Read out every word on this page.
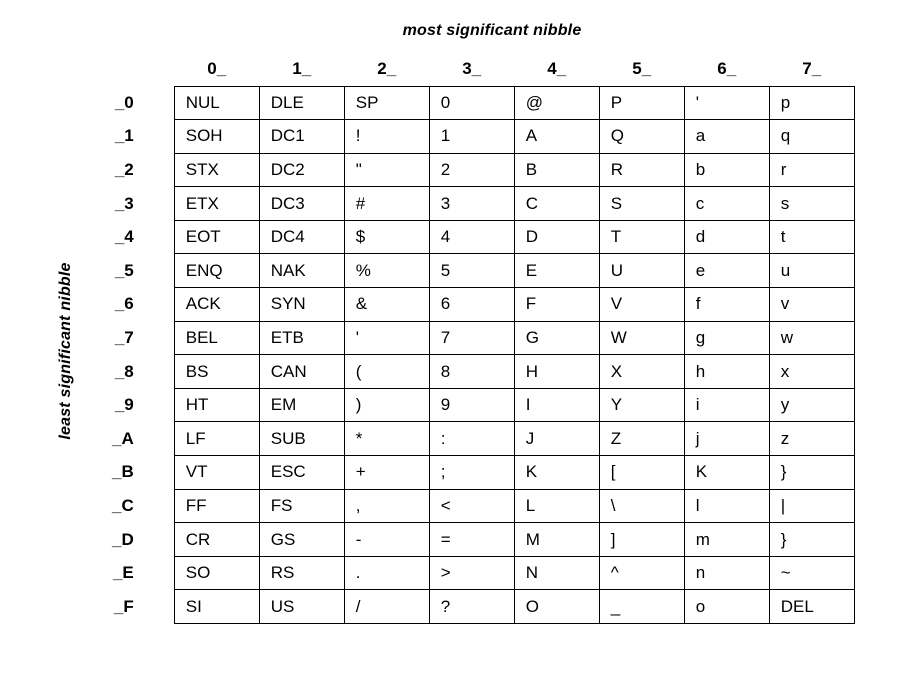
most significant nibble
least significant nibble
	0_	1_	2_	3_	4_	5_	6_	7_
_0	NUL	DLE	SP	0	@	P	'	p
_1	SOH	DC1	!	1	A	Q	a	q
_2	STX	DC2	"	2	B	R	b	r
_3	ETX	DC3	#	3	C	S	c	s
_4	EOT	DC4	$	4	D	T	d	t
_5	ENQ	NAK	%	5	E	U	e	u
_6	ACK	SYN	&	6	F	V	f	v
_7	BEL	ETB	'	7	G	W	g	w
_8	BS	CAN	(	8	H	X	h	x
_9	HT	EM	)	9	I	Y	i	y
_A	LF	SUB	*	:	J	Z	j	z
_B	VT	ESC	+	;	K	[	K	}
_C	FF	FS	,	<	L	\	l	|
_D	CR	GS	-	=	M	]	m	}
_E	SO	RS	.	>	N	^	n	~
_F	SI	US	/	?	O	_	o	DEL
